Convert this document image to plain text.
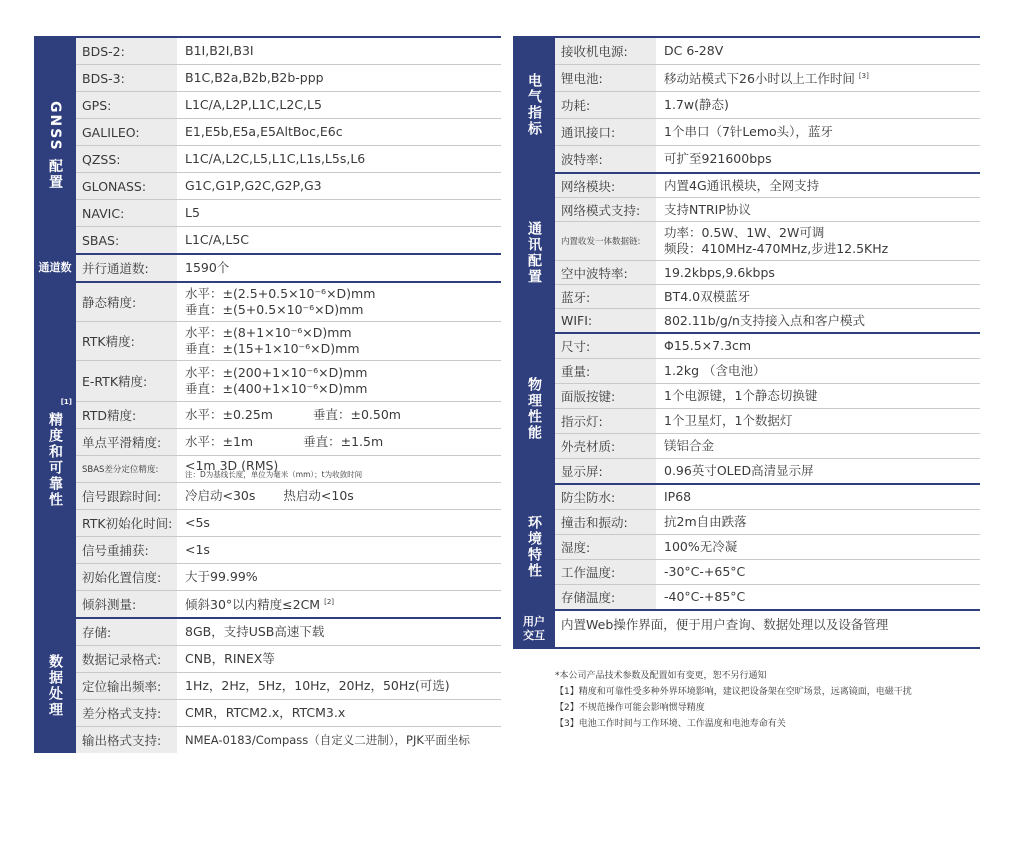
GNSS 配置
BDS-2:	B1I,B2I,B3I
BDS-3:	B1C,B2a,B2b,B2b-ppp
GPS:	L1C/A,L2P,L1C,L2C,L5
GALILEO:	E1,E5b,E5a,E5AltBoc,E6c
QZSS:	L1C/A,L2C,L5,L1C,L1s,L5s,L6
GLONASS:	G1C,G1P,G2C,G2P,G3
NAVIC:	L5
SBAS:	L1C/A,L5C
通道数 并行通道数:	1590个
[1]
精度和可靠性
静态精度:
水平：±(2.5+0.5×10⁻⁶×D)mm
垂直：±(5+0.5×10⁻⁶×D)mm
RTK精度:
水平：±(8+1×10⁻⁶×D)mm
垂直：±(15+1×10⁻⁶×D)mm
E-RTK精度:
水平：±(200+1×10⁻⁶×D)mm
垂直：±(400+1×10⁻⁶×D)mm
RTD精度:	水平：±0.25m	垂直：±0.50m
单点平滑精度:	水平：±1m	垂直：±1.5m
SBAS差分定位精度:	<1m 3D (RMS)
注：D为基线长度，单位为毫米（mm）；t为收敛时间
信号跟踪时间:	冷启动<30s 热启动<10s
RTK初始化时间:	<5s
信号重捕获:	<1s
初始化置信度:	大于99.99%
倾斜测量:	倾斜30°以内精度≤2CM [2]
数据处理
存储:	8GB，支持USB高速下载
数据记录格式:	CNB，RINEX等
定位输出频率:	1Hz，2Hz，5Hz，10Hz，20Hz，50Hz(可选)
差分格式支持:	CMR，RTCM2.x，RTCM3.x
输出格式支持:	NMEA-0183/Compass（自定义二进制），PJK平面坐标
电气指标
接收机电源:	DC 6-28V
锂电池:	移动站模式下26小时以上工作时间 [3]
功耗:	1.7w(静态)
通讯接口:	1个串口（7针Lemo头），蓝牙
波特率:	可扩至921600bps
通讯配置
网络模块:	内置4G通讯模块，全网支持
网络模式支持:	支持NTRIP协议
内置收发一体数据链:
功率：0.5W、1W、2W可调
频段：410MHz-470MHz,步进12.5KHz
空中波特率:	19.2kbps,9.6kbps
蓝牙:	BT4.0双模蓝牙
WIFI:	802.11b/g/n支持接入点和客户模式
物理性能
尺寸:	Φ15.5×7.3cm
重量:	1.2kg （含电池）
面版按键:	1个电源键，1个静态切换键
指示灯:	1个卫星灯，1个数据灯
外壳材质:	镁铝合金
显示屏:	0.96英寸OLED高清显示屏
环境特性
防尘防水:	IP68
撞击和振动:	抗2m自由跌落
湿度:	100%无冷凝
工作温度:	-30°C-+65°C
存储温度:	-40°C-+85°C
用户交互
内置Web操作界面，便于用户查询、数据处理以及设备管理
*本公司产品技术参数及配置如有变更，恕不另行通知
【1】精度和可靠性受多种外界环境影响，建议把设备架在空旷场景，远离镜面，电磁干扰
【2】不规范操作可能会影响惯导精度
【3】电池工作时间与工作环境、工作温度和电池寿命有关
